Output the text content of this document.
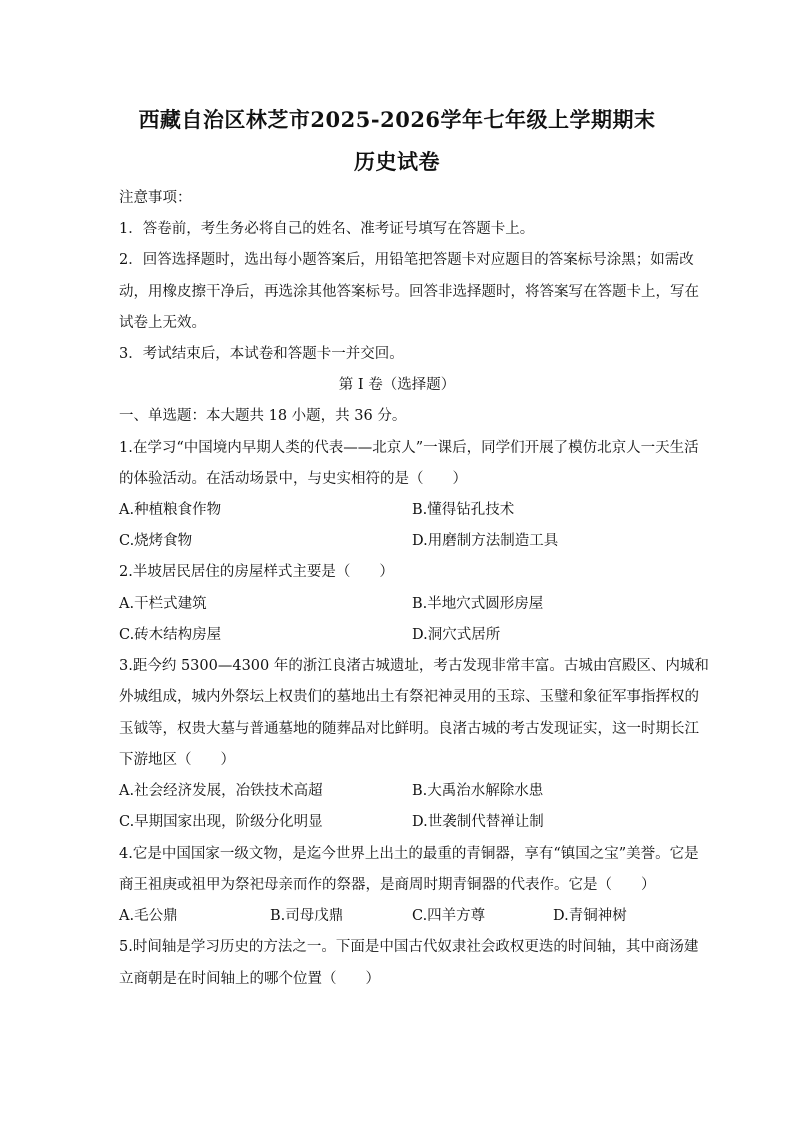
西藏自治区林芝市2025-2026学年七年级上学期期末
历史试卷
注意事项：
1．答卷前，考生务必将自己的姓名、准考证号填写在答题卡上。
2．回答选择题时，选出每小题答案后，用铅笔把答题卡对应题目的答案标号涂黑；如需改
动，用橡皮擦干净后，再选涂其他答案标号。回答非选择题时，将答案写在答题卡上，写在
试卷上无效。
3．考试结束后，本试卷和答题卡一并交回。
第 I 卷（选择题）
一、单选题：本大题共 18 小题，共 36 分。
1.在学习“中国境内早期人类的代表——北京人”一课后，同学们开展了模仿北京人一天生活
的体验活动。在活动场景中，与史实相符的是（　　）
A.种植粮食作物	B.懂得钻孔技术
C.烧烤食物	D.用磨制方法制造工具
2.半坡居民居住的房屋样式主要是（　　）
A.干栏式建筑	B.半地穴式圆形房屋
C.砖木结构房屋	D.洞穴式居所
3.距今约 5300—4300 年的浙江良渚古城遗址，考古发现非常丰富。古城由宫殿区、内城和
外城组成，城内外祭坛上权贵们的墓地出土有祭祀神灵用的玉琮、玉璧和象征军事指挥权的
玉钺等，权贵大墓与普通墓地的随葬品对比鲜明。良渚古城的考古发现证实，这一时期长江
下游地区（　　）
A.社会经济发展，冶铁技术高超	B.大禹治水解除水患
C.早期国家出现，阶级分化明显	D.世袭制代替禅让制
4.它是中国国家一级文物，是迄今世界上出土的最重的青铜器，享有“镇国之宝”美誉。它是
商王祖庚或祖甲为祭祀母亲而作的祭器，是商周时期青铜器的代表作。它是（　　）
A.毛公鼎	B.司母戊鼎	C.四羊方尊	D.青铜神树
5.时间轴是学习历史的方法之一。下面是中国古代奴隶社会政权更迭的时间轴，其中商汤建
立商朝是在时间轴上的哪个位置（　　）
